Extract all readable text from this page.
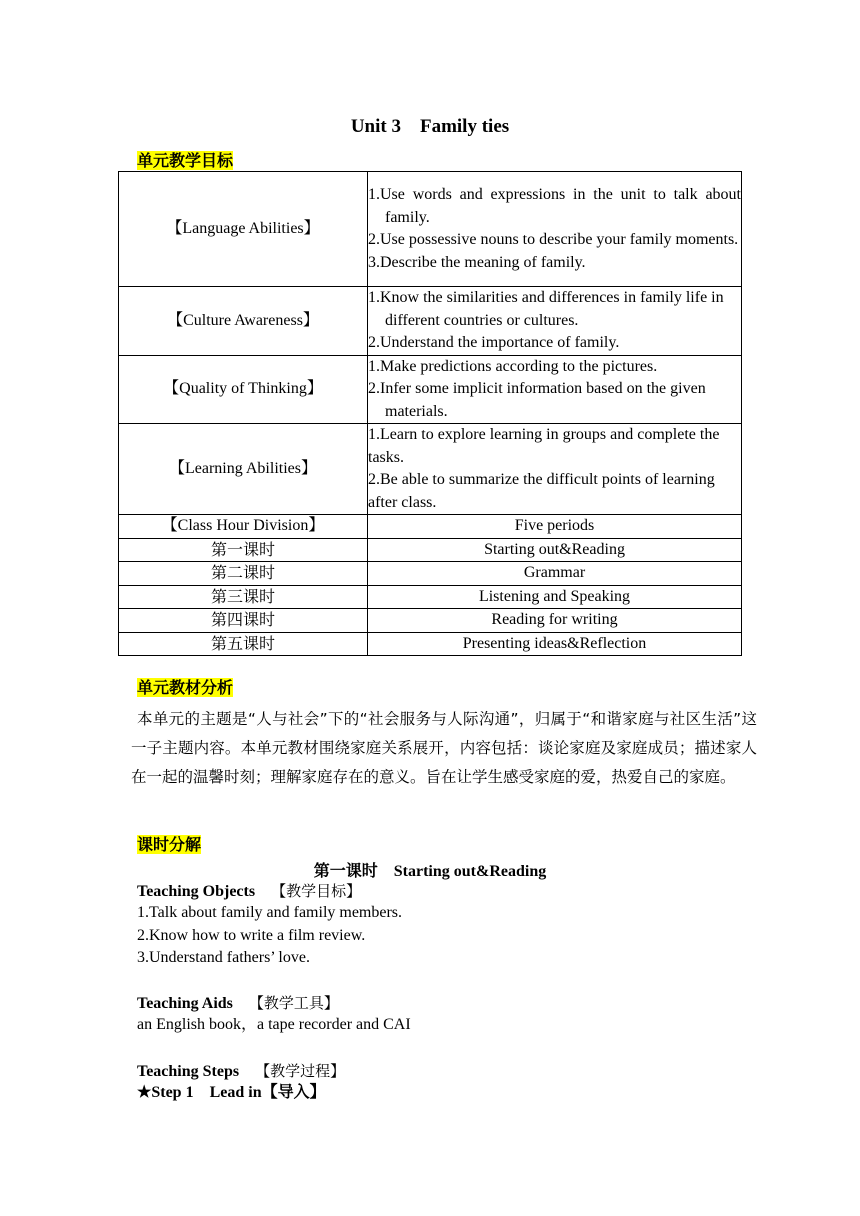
Unit 3    Family ties
单元教学目标
【Language Abilities】	1.Use words and expressions in the unit to talk about family.
2.Use possessive nouns to describe your family moments.
3.Describe the meaning of family.

【Culture Awareness】	1.Know the similarities and differences in family life in different countries or cultures.
2.Understand the importance of family.

【Quality of Thinking】	1.Make predictions according to the pictures.
2.Infer some implicit information based on the given materials.

【Learning Abilities】	1.Learn to explore learning in groups and complete the tasks.
2.Be able to summarize the difficult points of learning after class.

【Class Hour Division】	Five periods
第一课时	Starting out&Reading
第二课时	Grammar
第三课时	Listening and Speaking
第四课时	Reading for writing
第五课时	Presenting ideas&Reflection
单元教材分析
本单元的主题是“人与社会”下的“社会服务与人际沟通”，归属于“和谐家庭与社区生活”这一子主题内容。本单元教材围绕家庭关系展开，内容包括：谈论家庭及家庭成员；描述家人在一起的温馨时刻；理解家庭存在的意义。旨在让学生感受家庭的爱，热爱自己的家庭。
课时分解
第一课时    Starting out&Reading
Teaching Objects 【教学目标】
1.Talk about family and family members.
2.Know how to write a film review.
3.Understand fathers’ love.
Teaching Aids 【教学工具】
an English book，a tape recorder and CAI
Teaching Steps 【教学过程】
★Step 1    Lead in【导入】
